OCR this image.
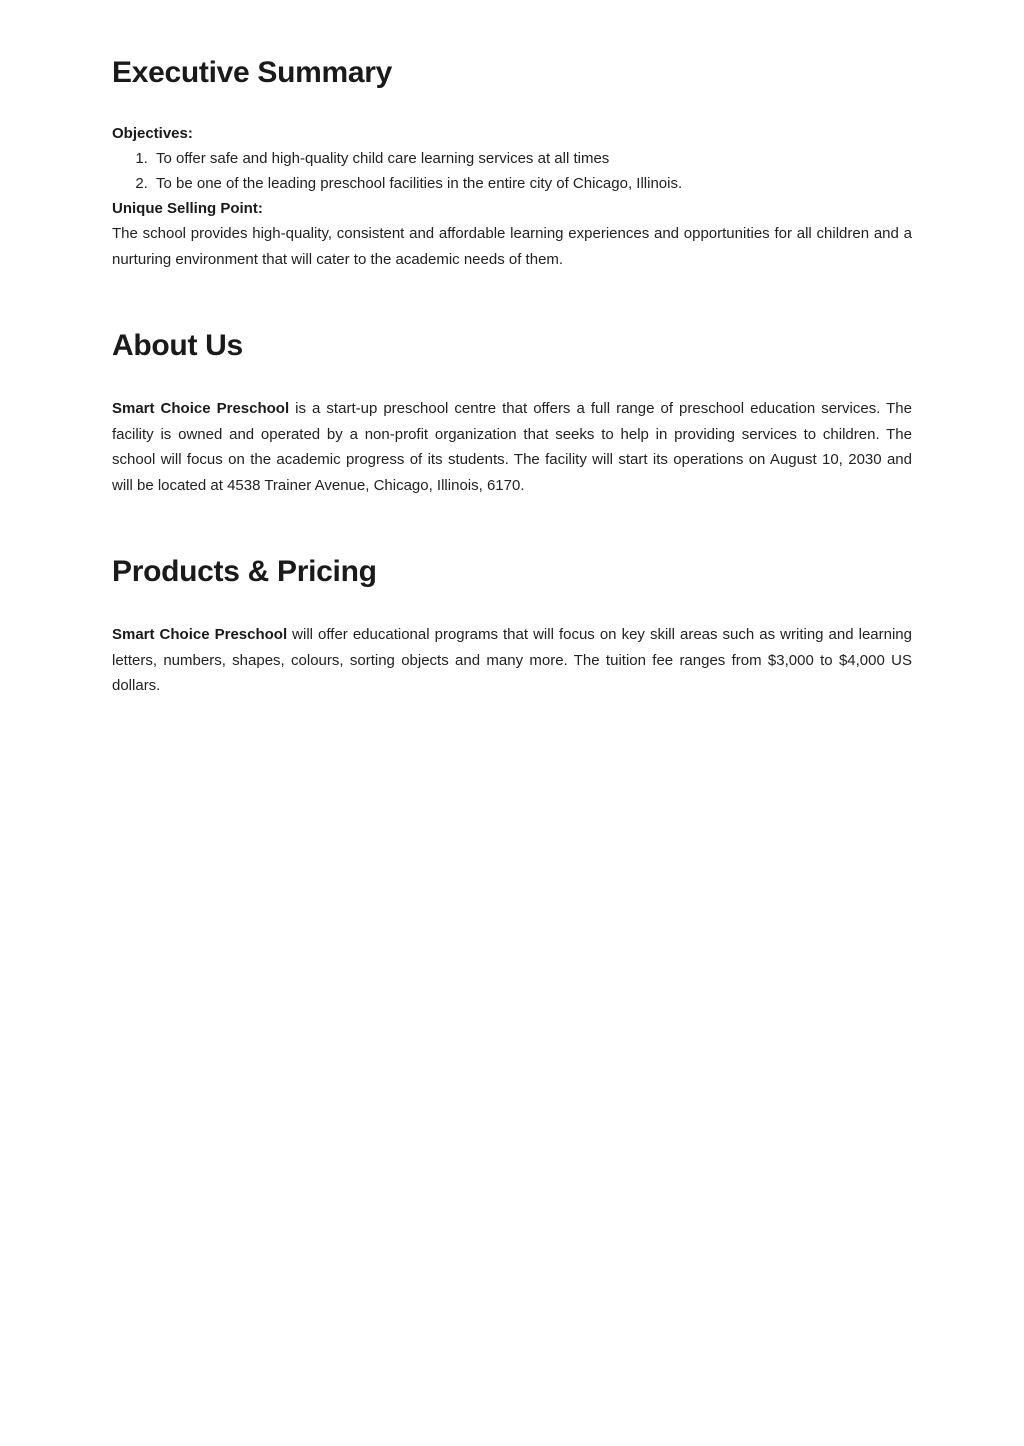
Executive Summary

Objectives:

1. To offer safe and high-quality child care learning services at all times
2. To be one of the leading preschool facilities in the entire city of Chicago, Illinois.

Unique Selling Point:

The school provides high-quality, consistent and affordable learning experiences and opportunities for all children and a nurturing environment that will cater to the academic needs of them.

About Us

Smart Choice Preschool is a start-up preschool centre that offers a full range of preschool education services. The facility is owned and operated by a non-profit organization that seeks to help in providing services to children. The school will focus on the academic progress of its students. The facility will start its operations on August 10, 2030 and will be located at 4538 Trainer Avenue, Chicago, Illinois, 6170.

Products & Pricing

Smart Choice Preschool will offer educational programs that will focus on key skill areas such as writing and learning letters, numbers, shapes, colours, sorting objects and many more. The tuition fee ranges from $3,000 to $4,000 US dollars.
